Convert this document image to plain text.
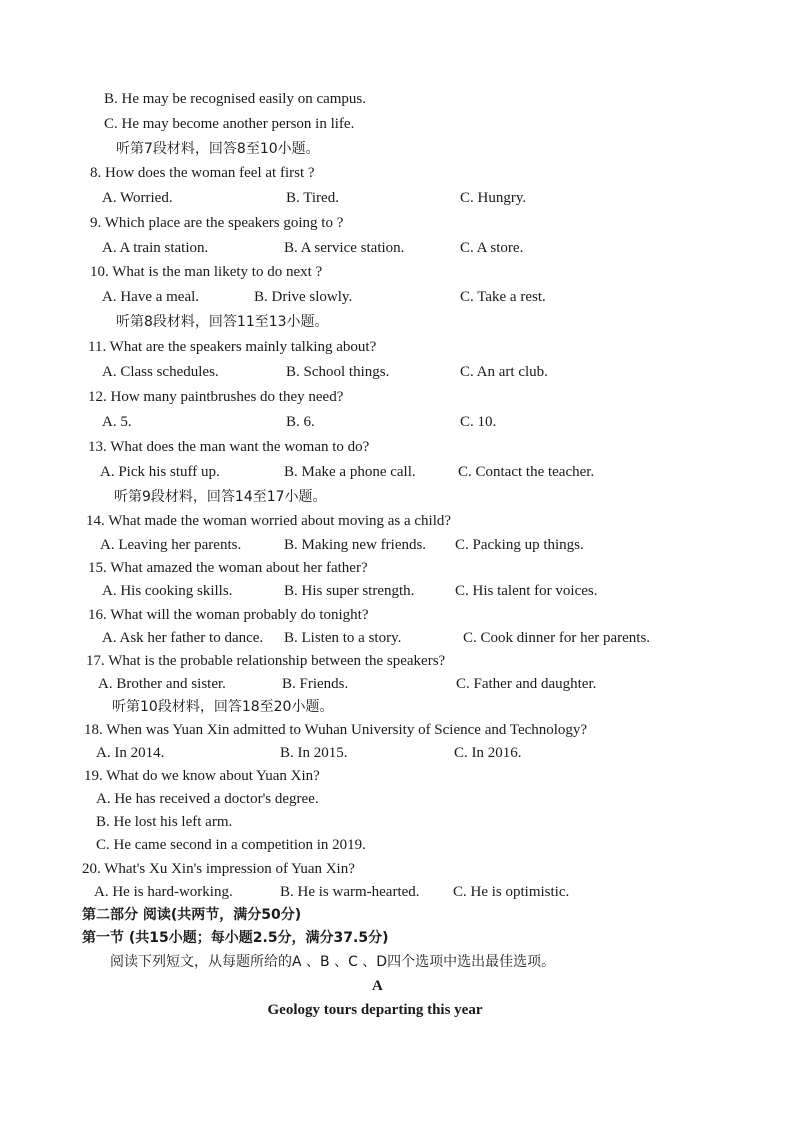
B. He may be recognised easily on campus.
C. He may become another person in life.
听第7段材料，回答8至10小题。
8. How does the woman feel at first ?
A. Worried.	B. Tired.	C. Hungry.
9. Which place are the speakers going to ?
A. A train station.	B. A service station.	C. A store.
10. What is the man likety to do next ?
A. Have a meal.	B. Drive slowly.	C. Take a rest.
听第8段材料，回答11至13小题。
11. What are the speakers mainly talking about?
A. Class schedules.	B. School things.	C. An art club.
12. How many paintbrushes do they need?
A. 5.	B. 6.	C. 10.
13. What does the man want the woman to do?
A. Pick his stuff up.	B. Make a phone call.	C. Contact the teacher.
听第9段材料，回答14至17小题。
14. What made the woman worried about moving as a child?
A. Leaving her parents.	B. Making new friends. C. Packing up things.
15. What amazed the woman about her father?
A. His cooking skills.	B. His super strength.	C. His talent for voices.
16. What will the woman probably do tonight?
A. Ask her father to dance. B. Listen to a story.	C. Cook dinner for her parents.
17. What is the probable relationship between the speakers?
A. Brother and sister.	B. Friends.	C. Father and daughter.
听第10段材料，回答18至20小题。
18. When was Yuan Xin admitted to Wuhan University of Science and Technology?
A. In 2014.	B. In 2015.	C. In 2016.
19. What do we know about Yuan Xin?
A. He has received a doctor's degree.
B. He lost his left arm.
C. He came second in a competition in 2019.
20. What's Xu Xin's impression of Yuan Xin?
A. He is hard-working.	B. He is warm-hearted. C. He is optimistic.
第二部分 阅读(共两节，满分50分)
第一节 (共15小题；每小题2.5分，满分37.5分)
阅读下列短文，从每题所给的A 、B 、C 、D四个选项中选出最佳选项。
A
Geology tours departing this year
